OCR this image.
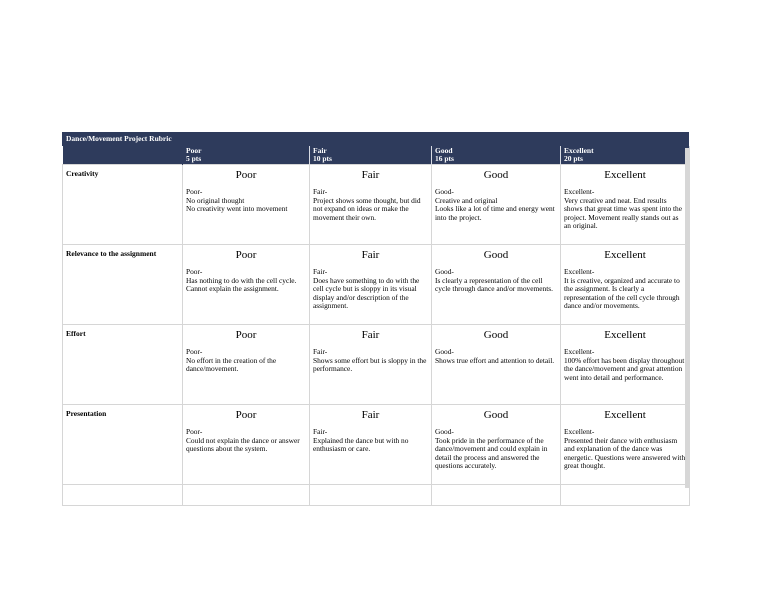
Dance/Movement Project Rubric
	Poor
5 pts	Fair
10 pts	Good
16 pts	Excellent
20 pts
Creativity	Poor
Poor-
No original thought
No creativity went into movement	Fair
Fair-
Project shows some thought, but did not expand on ideas or make the movement their own.	Good
Good-
Creative and original
Looks like a lot of time and energy went into the project.	Excellent
Excellent-
Very creative and neat. End results shows that great time was spent into the project. Movement really stands out as an original.

Relevance to the assignment	Poor
Poor-
Has nothing to do with the cell cycle. Cannot explain the assignment.	Fair
Fair-
Does have something to do with the cell cycle but is sloppy in its visual display and/or description of the assignment.	Good
Good-
Is clearly a representation of the cell cycle through dance and/or movements.	Excellent
Excellent-
It is creative, organized and accurate to the assignment. Is clearly a representation of the cell cycle through dance and/or movements.

Effort	Poor
Poor-
No effort in the creation of the dance/movement.	Fair
Fair-
Shows some effort but is sloppy in the performance.	Good
Good-
Shows true effort and attention to detail.	Excellent
Excellent-
100% effort has been display throughout the dance/movement and great attention went into detail and performance.

Presentation	Poor
Poor-
Could not explain the dance or answer questions about the system.	Fair
Fair-
Explained the dance but with no enthusiasm or care.	Good
Good-
Took pride in the performance of the dance/movement and could explain in detail the process and answered the questions accurately.	Excellent
Excellent-
Presented their dance with enthusiasm and explanation of the dance was energetic. Questions were answered with great thought.
